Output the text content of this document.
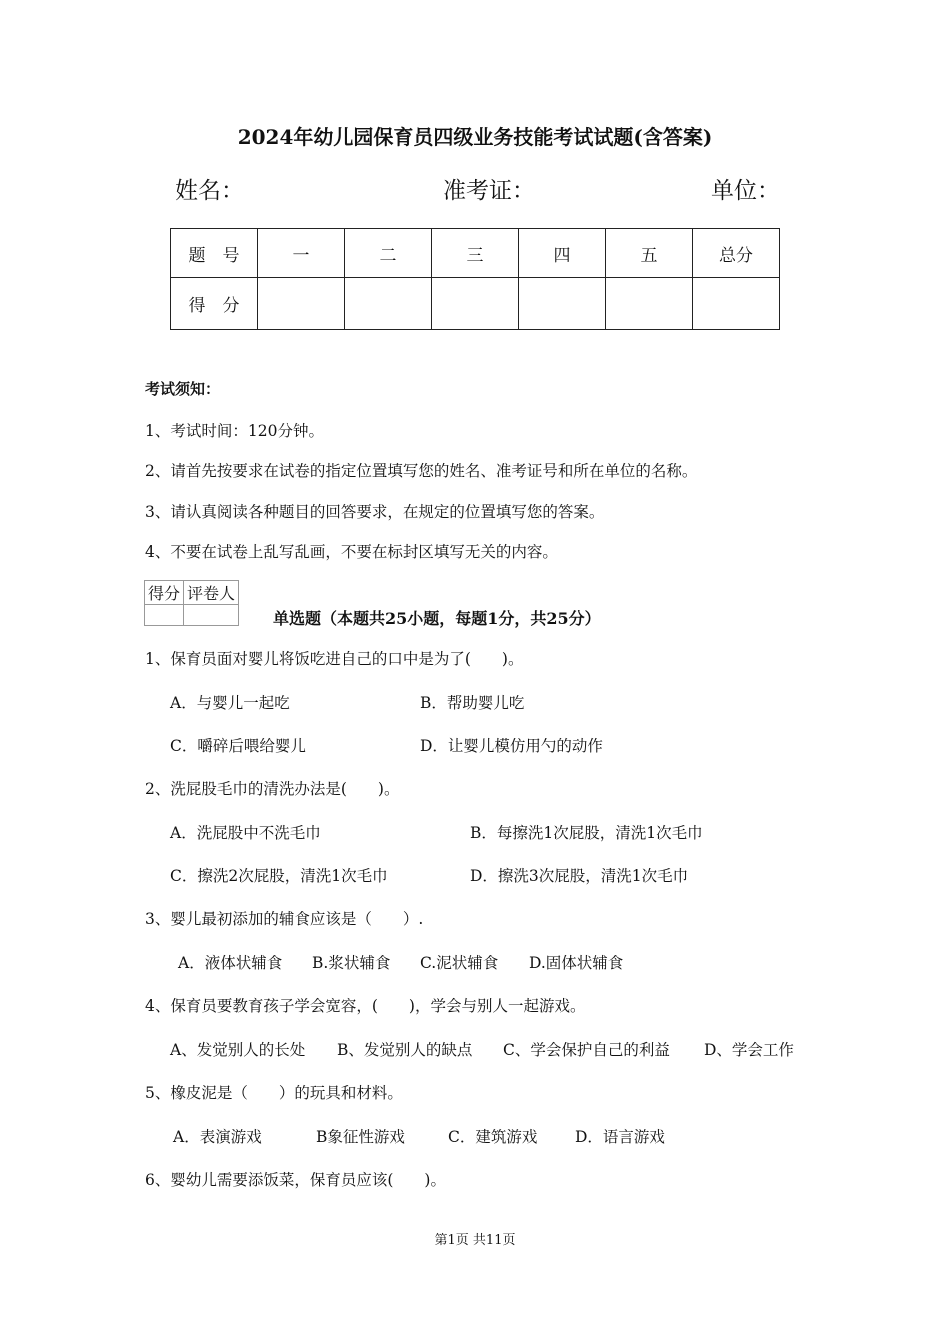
2024年幼儿园保育员四级业务技能考试试题(含答案)
姓名：	准考证：	单位：
题　号	一	二	三	四	五	总分
得　分						
考试须知：
1、考试时间：120分钟。
2、请首先按要求在试卷的指定位置填写您的姓名、准考证号和所在单位的名称。
3、请认真阅读各种题目的回答要求，在规定的位置填写您的答案。
4、不要在试卷上乱写乱画，不要在标封区填写无关的内容。
得分	评卷人

单选题（本题共25小题，每题1分，共25分）
1、保育员面对婴儿将饭吃进自己的口中是为了(　　)。
A．与婴儿一起吃	B．帮助婴儿吃
C．嚼碎后喂给婴儿	D．让婴儿模仿用勺的动作
2、洗屁股毛巾的清洗办法是(　　)。
A．洗屁股中不洗毛巾	B．每擦洗1次屁股，清洗1次毛巾
C．擦洗2次屁股，清洗1次毛巾	D．擦洗3次屁股，清洗1次毛巾
3、婴儿最初添加的辅食应该是（　　）.
A．液体状辅食 B.浆状辅食 C.泥状辅食 D.固体状辅食
4、保育员要教育孩子学会宽容，(　　)，学会与别人一起游戏。
A、发觉别人的长处 B、发觉别人的缺点 C、学会保护自己的利益 D、学会工作
5、橡皮泥是（　　）的玩具和材料。
A．表演游戏	B象征性游戏	C．建筑游戏 D．语言游戏
6、婴幼儿需要添饭菜，保育员应该(　　)。
第1页 共11页
